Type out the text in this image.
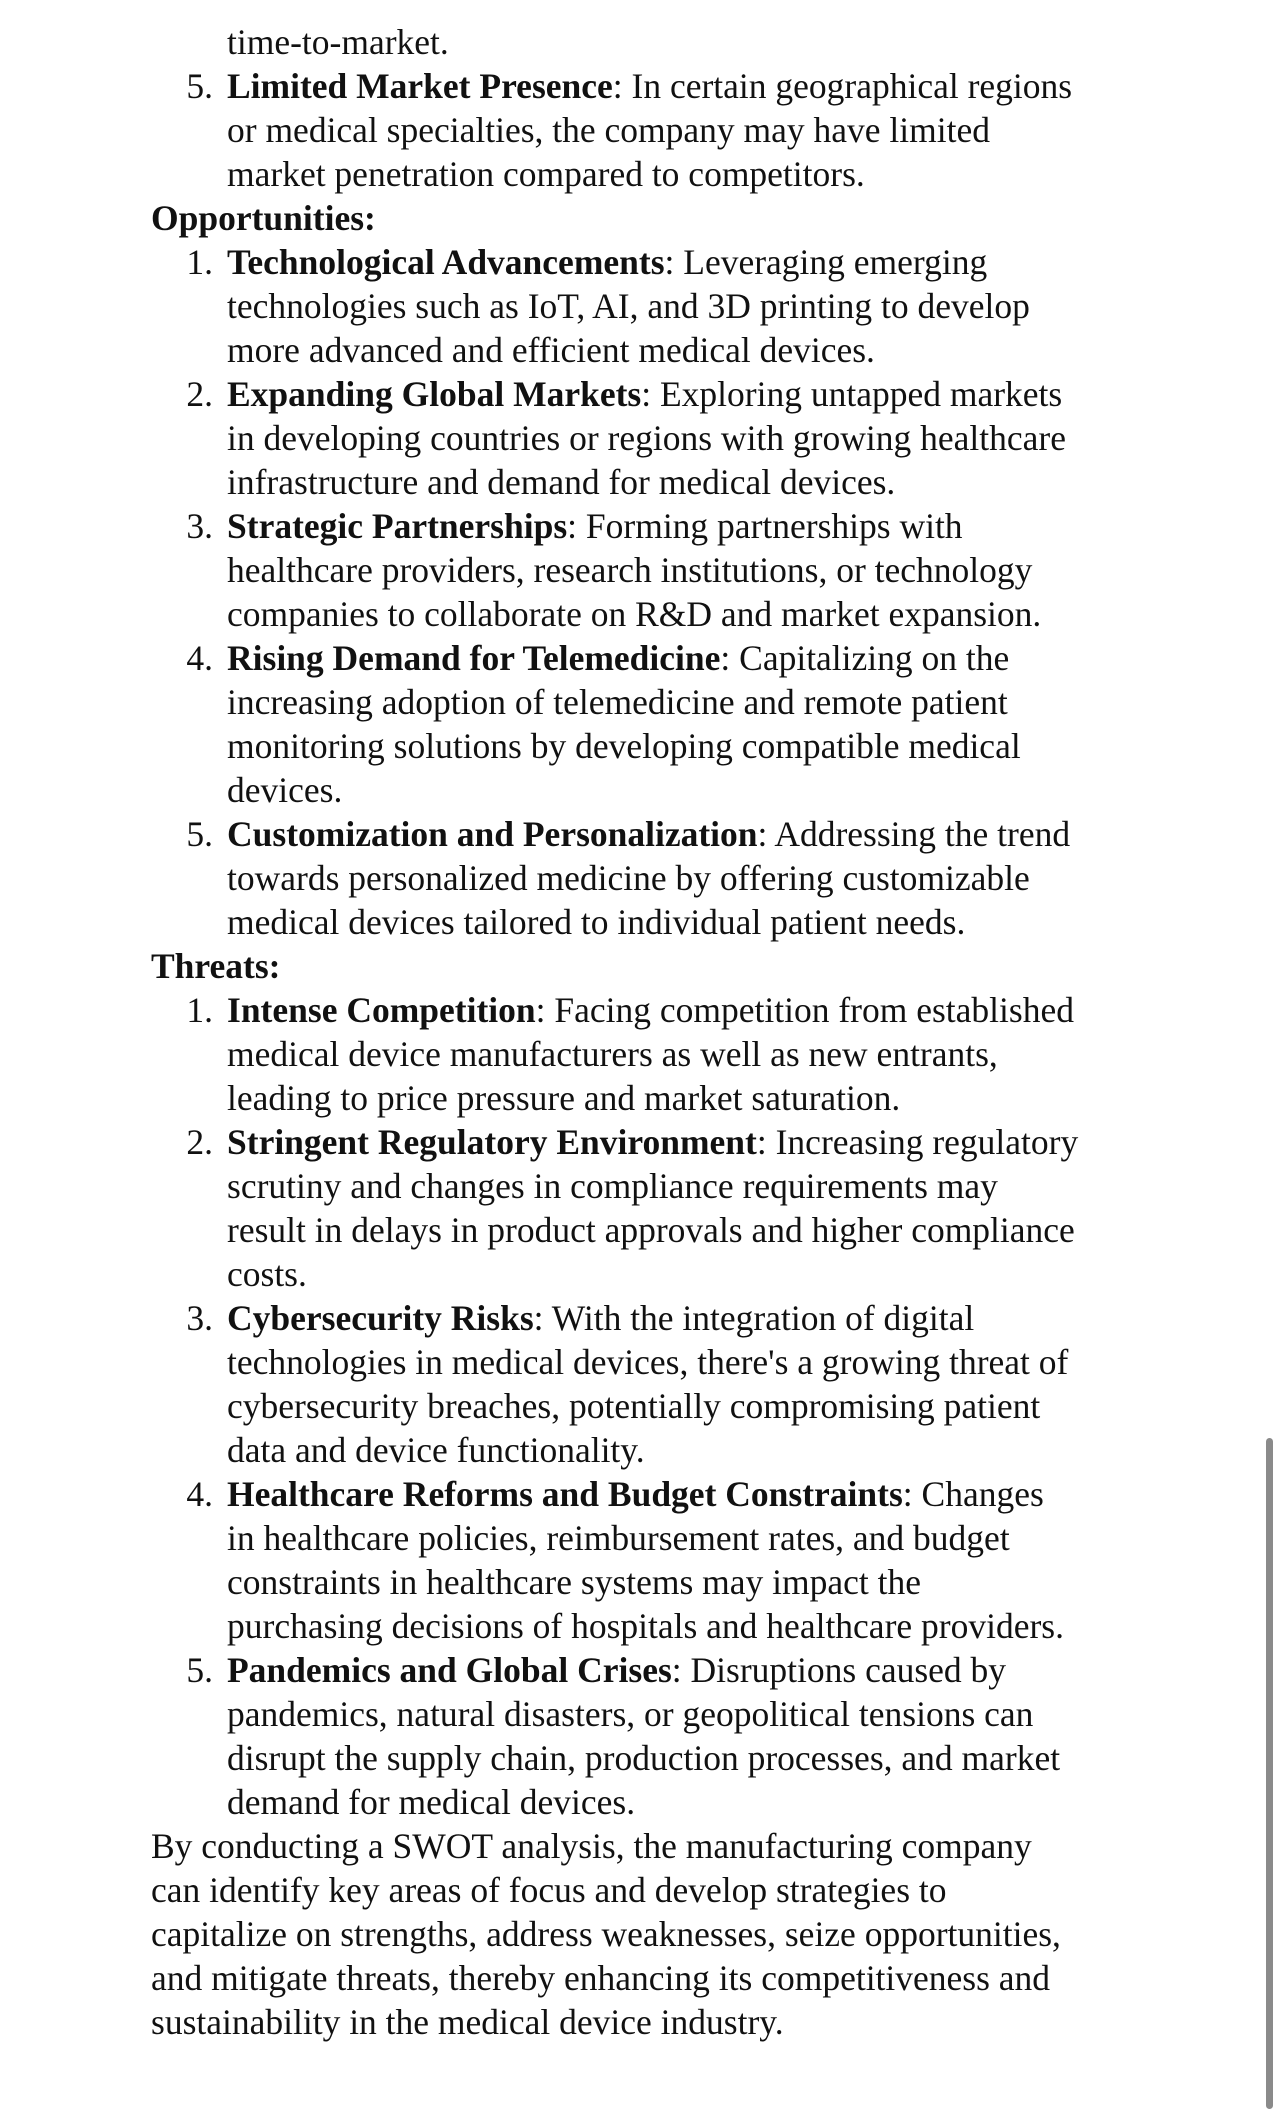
time-to-market.
5. Limited Market Presence: In certain geographical regions
or medical specialties, the company may have limited
market penetration compared to competitors.
Opportunities:
1. Technological Advancements: Leveraging emerging
technologies such as IoT, AI, and 3D printing to develop
more advanced and efficient medical devices.
2. Expanding Global Markets: Exploring untapped markets
in developing countries or regions with growing healthcare
infrastructure and demand for medical devices.
3. Strategic Partnerships: Forming partnerships with
healthcare providers, research institutions, or technology
companies to collaborate on R&D and market expansion.
4. Rising Demand for Telemedicine: Capitalizing on the
increasing adoption of telemedicine and remote patient
monitoring solutions by developing compatible medical
devices.
5. Customization and Personalization: Addressing the trend
towards personalized medicine by offering customizable
medical devices tailored to individual patient needs.
Threats:
1. Intense Competition: Facing competition from established
medical device manufacturers as well as new entrants,
leading to price pressure and market saturation.
2. Stringent Regulatory Environment: Increasing regulatory
scrutiny and changes in compliance requirements may
result in delays in product approvals and higher compliance
costs.
3. Cybersecurity Risks: With the integration of digital
technologies in medical devices, there's a growing threat of
cybersecurity breaches, potentially compromising patient
data and device functionality.
4. Healthcare Reforms and Budget Constraints: Changes
in healthcare policies, reimbursement rates, and budget
constraints in healthcare systems may impact the
purchasing decisions of hospitals and healthcare providers.
5. Pandemics and Global Crises: Disruptions caused by
pandemics, natural disasters, or geopolitical tensions can
disrupt the supply chain, production processes, and market
demand for medical devices.
By conducting a SWOT analysis, the manufacturing company
can identify key areas of focus and develop strategies to
capitalize on strengths, address weaknesses, seize opportunities,
and mitigate threats, thereby enhancing its competitiveness and
sustainability in the medical device industry.
